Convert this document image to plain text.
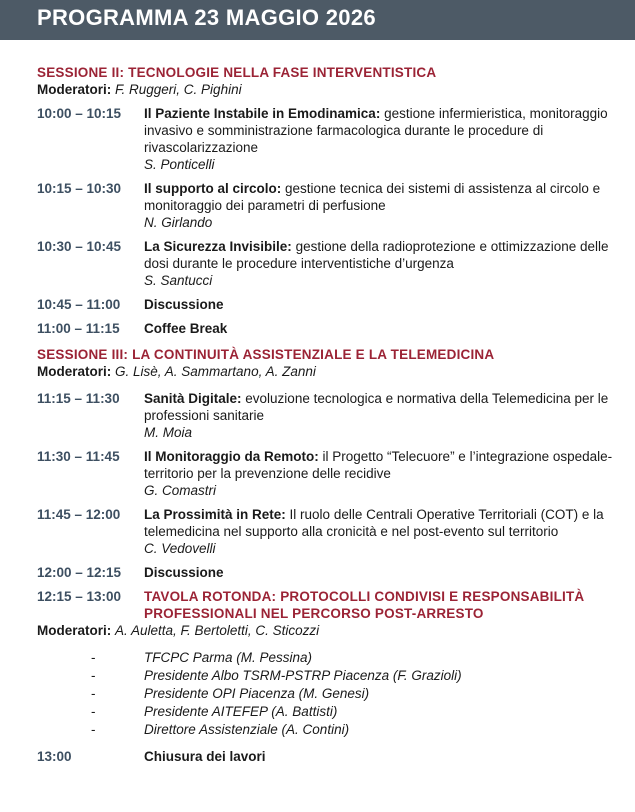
PROGRAMMA 23 MAGGIO 2026
SESSIONE II: TECNOLOGIE NELLA FASE INTERVENTISTICA
Moderatori: F. Ruggeri, C. Pighini
10:00 – 10:15	Il Paziente Instabile in Emodinamica: gestione infermieristica, monitoraggio invasivo e somministrazione farmacologica durante le procedure di rivascolarizzazione
S. Ponticelli
10:15 – 10:30	Il supporto al circolo: gestione tecnica dei sistemi di assistenza al circolo e monitoraggio dei parametri di perfusione
N. Girlando
10:30 – 10:45	La Sicurezza Invisibile: gestione della radioprotezione e ottimizzazione delle dosi durante le procedure interventistiche d’urgenza
S. Santucci
10:45 – 11:00	Discussione
11:00 – 11:15	Coffee Break
SESSIONE III: LA CONTINUITÀ ASSISTENZIALE E LA TELEMEDICINA
Moderatori: G. Lisè, A. Sammartano, A. Zanni
11:15 – 11:30	Sanità Digitale: evoluzione tecnologica e normativa della Telemedicina per le professioni sanitarie
M. Moia
11:30 – 11:45	Il Monitoraggio da Remoto: il Progetto “Telecuore” e l’integrazione ospedale-territorio per la prevenzione delle recidive
G. Comastri
11:45 – 12:00	La Prossimità in Rete: Il ruolo delle Centrali Operative Territoriali (COT) e la telemedicina nel supporto alla cronicità e nel post-evento sul territorio
C. Vedovelli
12:00 – 12:15	Discussione
12:15 – 13:00	TAVOLA ROTONDA: PROTOCOLLI CONDIVISI E RESPONSABILITÀ PROFESSIONALI NEL PERCORSO POST-ARRESTO
Moderatori: A. Auletta, F. Bertoletti, C. Sticozzi
-	TFCPC Parma (M. Pessina)
-	Presidente Albo TSRM-PSTRP Piacenza (F. Grazioli)
-	Presidente OPI Piacenza (M. Genesi)
-	Presidente AITEFEP (A. Battisti)
-	Direttore Assistenziale (A. Contini)
13:00	Chiusura dei lavori
